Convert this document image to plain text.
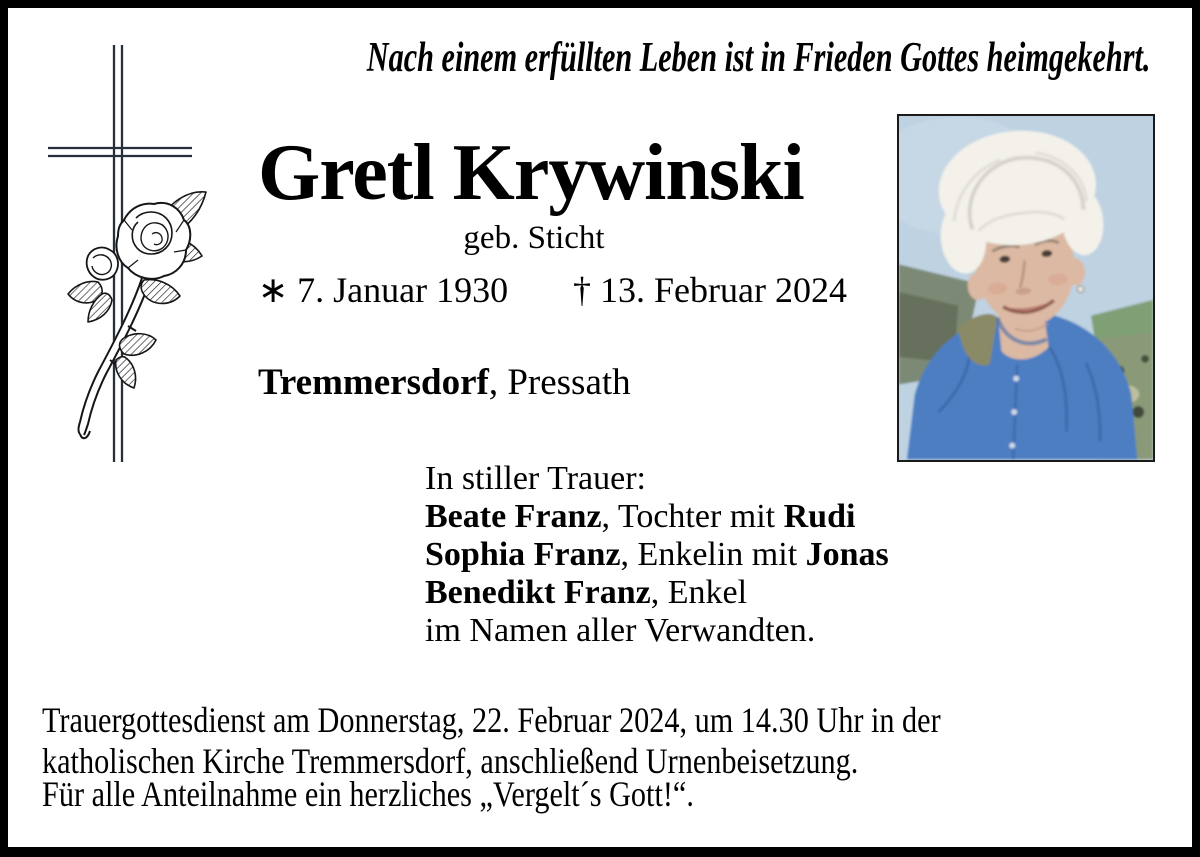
Nach einem erfüllten Leben ist in Frieden Gottes heimgekehrt.
Gretl Krywinski
geb. Sticht
∗ 7. Januar 1930 † 13. Februar 2024
Tremmersdorf, Pressath
In stiller Trauer:
Beate Franz, Tochter mit Rudi
Sophia Franz, Enkelin mit Jonas
Benedikt Franz, Enkel
im Namen aller Verwandten.
Trauergottesdienst am Donnerstag, 22. Februar 2024, um 14.30 Uhr in der
katholischen Kirche Tremmersdorf, anschließend Urnenbeisetzung.
Für alle Anteilnahme ein herzliches „Vergelt´s Gott!“.
